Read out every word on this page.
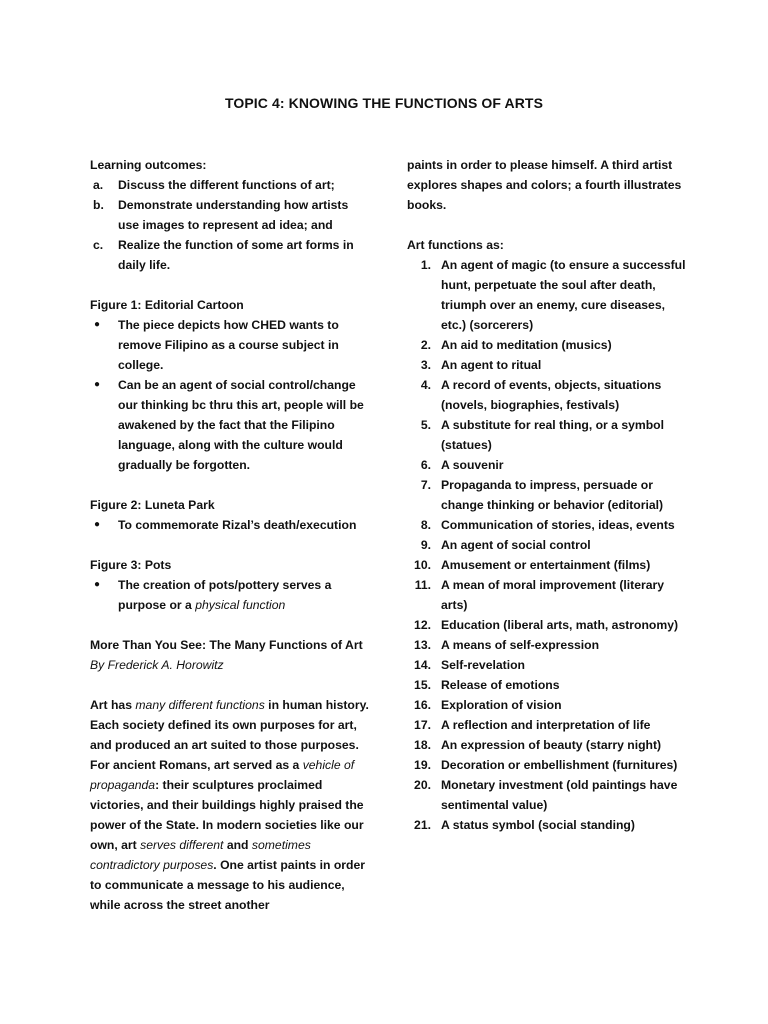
TOPIC 4: KNOWING THE FUNCTIONS OF ARTS
Learning outcomes:
a. Discuss the different functions of art;
b. Demonstrate understanding how artists use images to represent ad idea; and
c. Realize the function of some art forms in daily life.
Figure 1: Editorial Cartoon
● The piece depicts how CHED wants to remove Filipino as a course subject in college.
● Can be an agent of social control/change our thinking bc thru this art, people will be awakened by the fact that the Filipino language, along with the culture would gradually be forgotten.
Figure 2: Luneta Park
● To commemorate Rizal’s death/execution
Figure 3: Pots
● The creation of pots/pottery serves a purpose or a physical function
More Than You See: The Many Functions of Art
By Frederick A. Horowitz
Art has many different functions in human history. Each society defined its own purposes for art, and produced an art suited to those purposes. For ancient Romans, art served as a vehicle of propaganda: their sculptures proclaimed victories, and their buildings highly praised the power of the State. In modern societies like our own, art serves different and sometimes contradictory purposes. One artist paints in order to communicate a message to his audience, while across the street another
paints in order to please himself. A third artist explores shapes and colors; a fourth illustrates books.
Art functions as:
1. An agent of magic (to ensure a successful hunt, perpetuate the soul after death, triumph over an enemy, cure diseases, etc.) (sorcerers)
2. An aid to meditation (musics)
3. An agent to ritual
4. A record of events, objects, situations (novels, biographies, festivals)
5. A substitute for real thing, or a symbol (statues)
6. A souvenir
7. Propaganda to impress, persuade or change thinking or behavior (editorial)
8. Communication of stories, ideas, events
9. An agent of social control
10. Amusement or entertainment (films)
11. A mean of moral improvement (literary arts)
12. Education (liberal arts, math, astronomy)
13. A means of self-expression
14. Self-revelation
15. Release of emotions
16. Exploration of vision
17. A reflection and interpretation of life
18. An expression of beauty (starry night)
19. Decoration or embellishment (furnitures)
20. Monetary investment (old paintings have sentimental value)
21. A status symbol (social standing)
